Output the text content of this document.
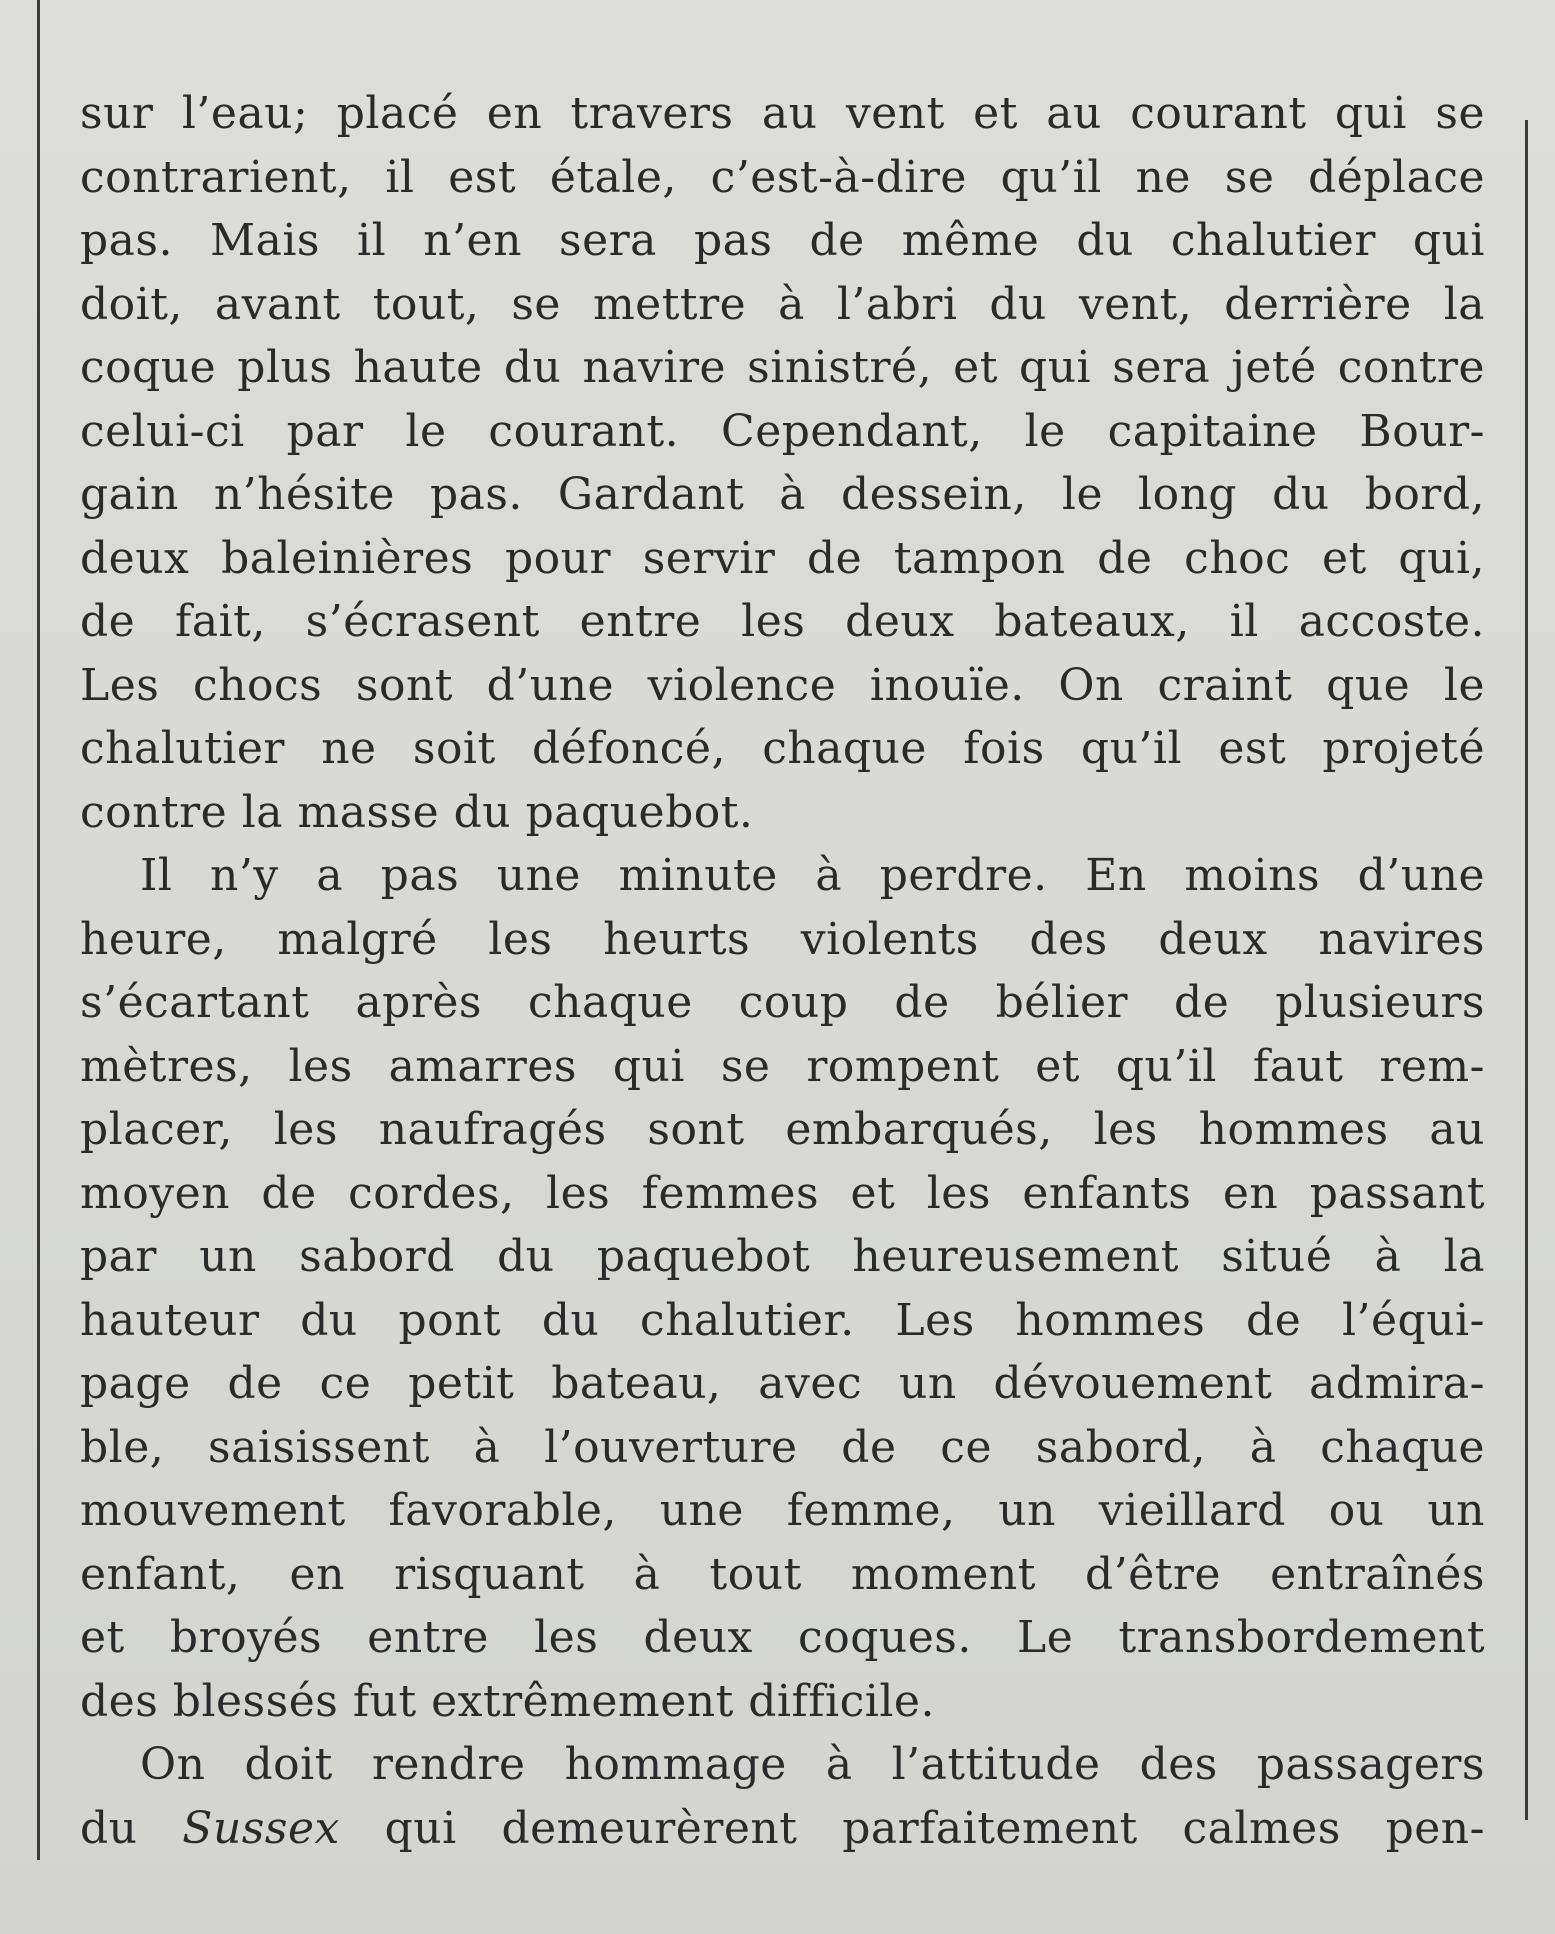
sur l’eau; placé en travers au vent et au courant qui se
contrarient, il est étale, c’est-à-dire qu’il ne se déplace
pas. Mais il n’en sera pas de même du chalutier qui
doit, avant tout, se mettre à l’abri du vent, derrière la
coque plus haute du navire sinistré, et qui sera jeté contre
celui-ci par le courant. Cependant, le capitaine Bour-
gain n’hésite pas. Gardant à dessein, le long du bord,
deux baleinières pour servir de tampon de choc et qui,
de fait, s’écrasent entre les deux bateaux, il accoste.
Les chocs sont d’une violence inouïe. On craint que le
chalutier ne soit défoncé, chaque fois qu’il est projeté
contre la masse du paquebot.
Il n’y a pas une minute à perdre. En moins d’une
heure, malgré les heurts violents des deux navires
s’écartant après chaque coup de bélier de plusieurs
mètres, les amarres qui se rompent et qu’il faut rem-
placer, les naufragés sont embarqués, les hommes au
moyen de cordes, les femmes et les enfants en passant
par un sabord du paquebot heureusement situé à la
hauteur du pont du chalutier. Les hommes de l’équi-
page de ce petit bateau, avec un dévouement admira-
ble, saisissent à l’ouverture de ce sabord, à chaque
mouvement favorable, une femme, un vieillard ou un
enfant, en risquant à tout moment d’être entraînés
et broyés entre les deux coques. Le transbordement
des blessés fut extrêmement difficile.
On doit rendre hommage à l’attitude des passagers
du Sussex qui demeurèrent parfaitement calmes pen-
